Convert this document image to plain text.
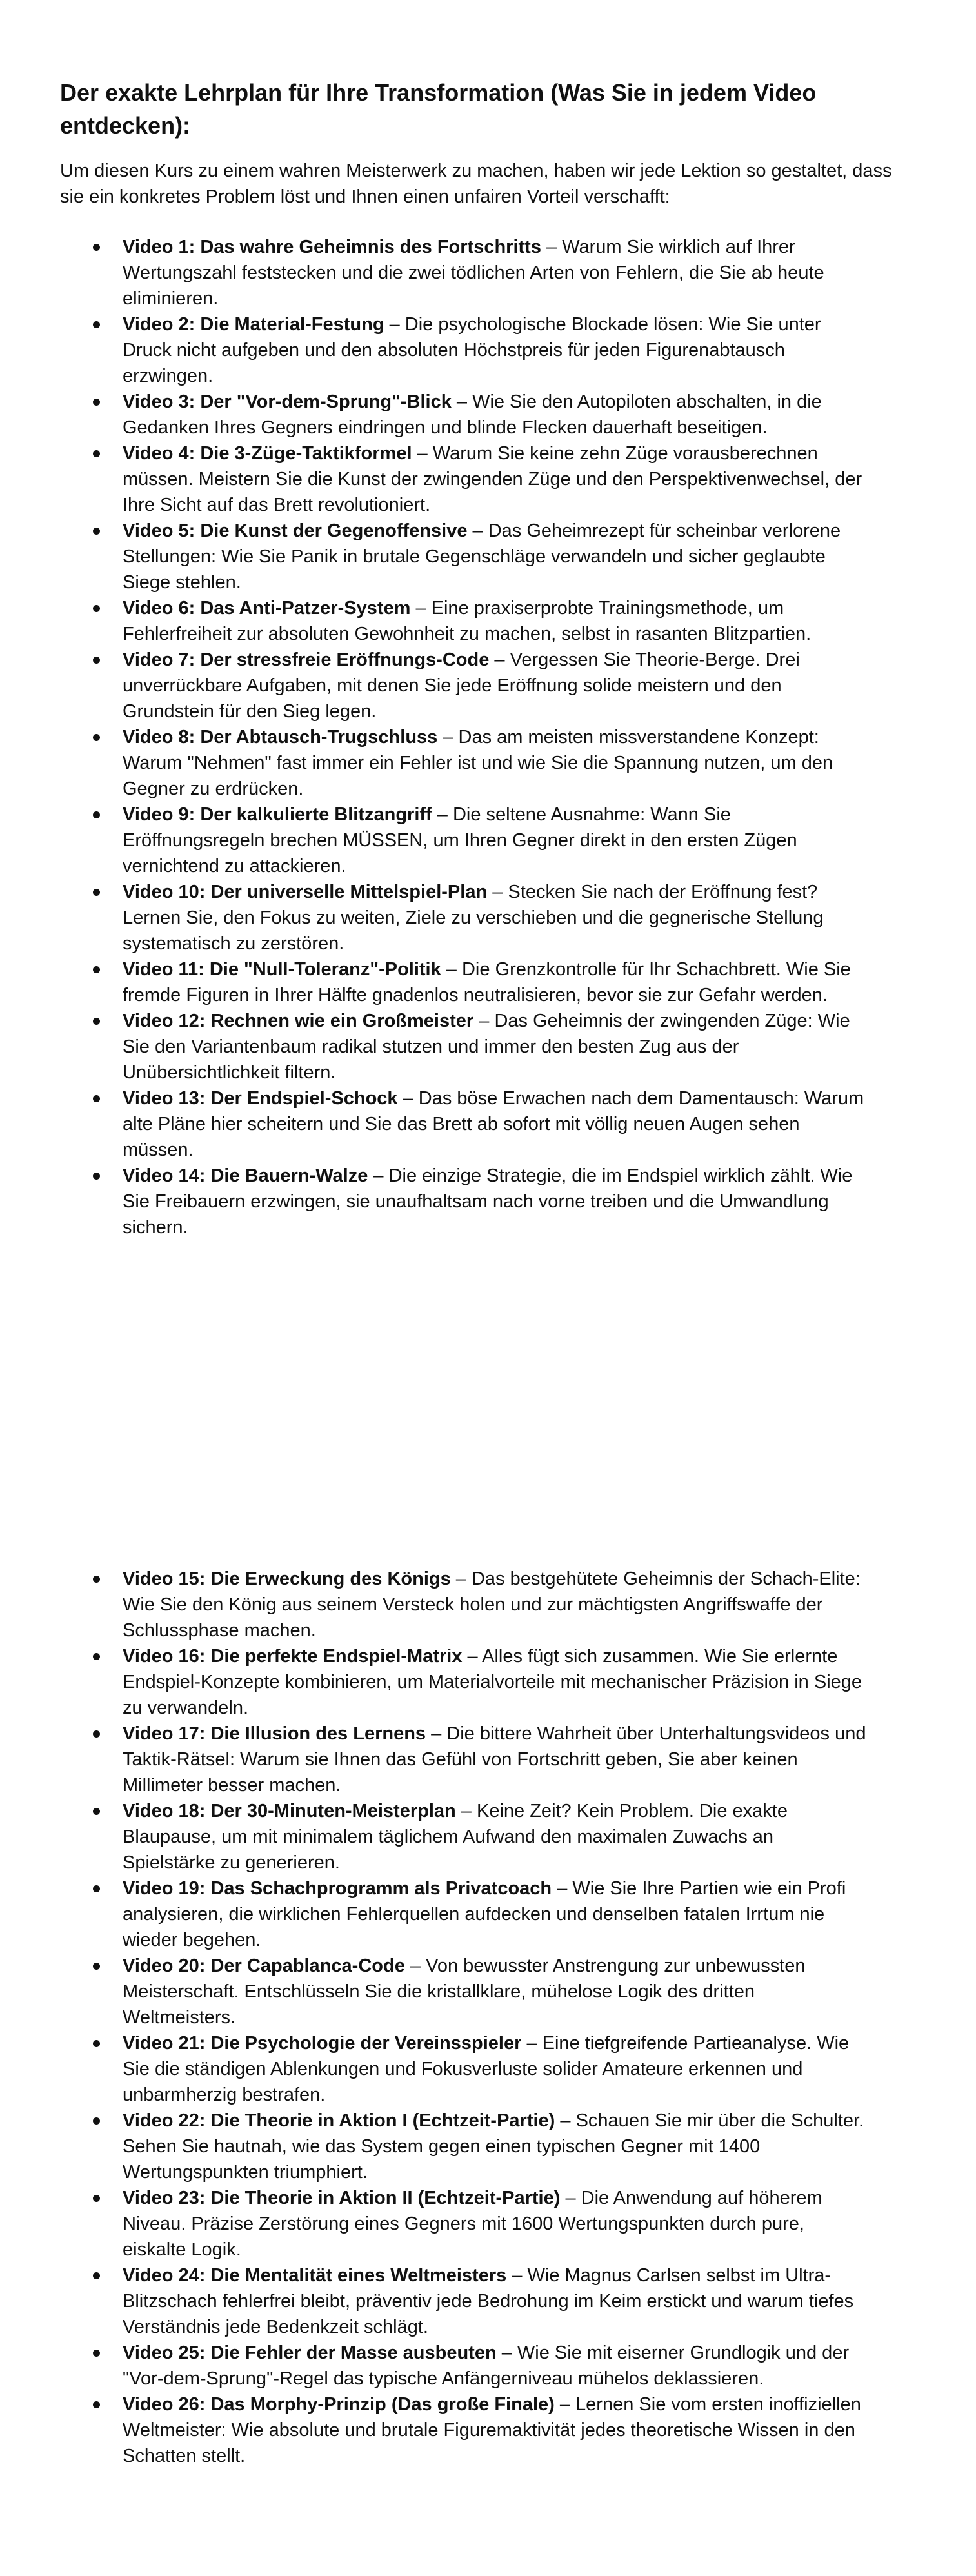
Der exakte Lehrplan für Ihre Transformation (Was Sie in jedem Video entdecken):

Um diesen Kurs zu einem wahren Meisterwerk zu machen, haben wir jede Lektion so gestaltet, dass sie ein konkretes Problem löst und Ihnen einen unfairen Vorteil verschafft:

Video 1: Das wahre Geheimnis des Fortschritts – Warum Sie wirklich auf Ihrer Wertungszahl feststecken und die zwei tödlichen Arten von Fehlern, die Sie ab heute eliminieren.
Video 2: Die Material-Festung – Die psychologische Blockade lösen: Wie Sie unter Druck nicht aufgeben und den absoluten Höchstpreis für jeden Figurenabtausch erzwingen.
Video 3: Der "Vor-dem-Sprung"-Blick – Wie Sie den Autopiloten abschalten, in die Gedanken Ihres Gegners eindringen und blinde Flecken dauerhaft beseitigen.
Video 4: Die 3-Züge-Taktikformel – Warum Sie keine zehn Züge vorausberechnen müssen. Meistern Sie die Kunst der zwingenden Züge und den Perspektivenwechsel, der Ihre Sicht auf das Brett revolutioniert.
Video 5: Die Kunst der Gegenoffensive – Das Geheimrezept für scheinbar verlorene Stellungen: Wie Sie Panik in brutale Gegenschläge verwandeln und sicher geglaubte Siege stehlen.
Video 6: Das Anti-Patzer-System – Eine praxiserprobte Trainingsmethode, um Fehlerfreiheit zur absoluten Gewohnheit zu machen, selbst in rasanten Blitzpartien.
Video 7: Der stressfreie Eröffnungs-Code – Vergessen Sie Theorie-Berge. Drei unverrückbare Aufgaben, mit denen Sie jede Eröffnung solide meistern und den Grundstein für den Sieg legen.
Video 8: Der Abtausch-Trugschluss – Das am meisten missverstandene Konzept: Warum "Nehmen" fast immer ein Fehler ist und wie Sie die Spannung nutzen, um den Gegner zu erdrücken.
Video 9: Der kalkulierte Blitzangriff – Die seltene Ausnahme: Wann Sie Eröffnungsregeln brechen MÜSSEN, um Ihren Gegner direkt in den ersten Zügen vernichtend zu attackieren.
Video 10: Der universelle Mittelspiel-Plan – Stecken Sie nach der Eröffnung fest? Lernen Sie, den Fokus zu weiten, Ziele zu verschieben und die gegnerische Stellung systematisch zu zerstören.
Video 11: Die "Null-Toleranz"-Politik – Die Grenzkontrolle für Ihr Schachbrett. Wie Sie fremde Figuren in Ihrer Hälfte gnadenlos neutralisieren, bevor sie zur Gefahr werden.
Video 12: Rechnen wie ein Großmeister – Das Geheimnis der zwingenden Züge: Wie Sie den Variantenbaum radikal stutzen und immer den besten Zug aus der Unübersichtlichkeit filtern.
Video 13: Der Endspiel-Schock – Das böse Erwachen nach dem Damentausch: Warum alte Pläne hier scheitern und Sie das Brett ab sofort mit völlig neuen Augen sehen müssen.
Video 14: Die Bauern-Walze – Die einzige Strategie, die im Endspiel wirklich zählt. Wie Sie Freibauern erzwingen, sie unaufhaltsam nach vorne treiben und die Umwandlung sichern.
Video 15: Die Erweckung des Königs – Das bestgehütete Geheimnis der Schach-Elite: Wie Sie den König aus seinem Versteck holen und zur mächtigsten Angriffswaffe der Schlussphase machen.
Video 16: Die perfekte Endspiel-Matrix – Alles fügt sich zusammen. Wie Sie erlernte Endspiel-Konzepte kombinieren, um Materialvorteile mit mechanischer Präzision in Siege zu verwandeln.
Video 17: Die Illusion des Lernens – Die bittere Wahrheit über Unterhaltungsvideos und Taktik-Rätsel: Warum sie Ihnen das Gefühl von Fortschritt geben, Sie aber keinen Millimeter besser machen.
Video 18: Der 30-Minuten-Meisterplan – Keine Zeit? Kein Problem. Die exakte Blaupause, um mit minimalem täglichem Aufwand den maximalen Zuwachs an Spielstärke zu generieren.
Video 19: Das Schachprogramm als Privatcoach – Wie Sie Ihre Partien wie ein Profi analysieren, die wirklichen Fehlerquellen aufdecken und denselben fatalen Irrtum nie wieder begehen.
Video 20: Der Capablanca-Code – Von bewusster Anstrengung zur unbewussten Meisterschaft. Entschlüsseln Sie die kristallklare, mühelose Logik des dritten Weltmeisters.
Video 21: Die Psychologie der Vereinsspieler – Eine tiefgreifende Partieanalyse. Wie Sie die ständigen Ablenkungen und Fokusverluste solider Amateure erkennen und unbarmherzig bestrafen.
Video 22: Die Theorie in Aktion I (Echtzeit-Partie) – Schauen Sie mir über die Schulter. Sehen Sie hautnah, wie das System gegen einen typischen Gegner mit 1400 Wertungspunkten triumphiert.
Video 23: Die Theorie in Aktion II (Echtzeit-Partie) – Die Anwendung auf höherem Niveau. Präzise Zerstörung eines Gegners mit 1600 Wertungspunkten durch pure, eiskalte Logik.
Video 24: Die Mentalität eines Weltmeisters – Wie Magnus Carlsen selbst im Ultra-Blitzschach fehlerfrei bleibt, präventiv jede Bedrohung im Keim erstickt und warum tiefes Verständnis jede Bedenkzeit schlägt.
Video 25: Die Fehler der Masse ausbeuten – Wie Sie mit eiserner Grundlogik und der "Vor-dem-Sprung"-Regel das typische Anfängerniveau mühelos deklassieren.
Video 26: Das Morphy-Prinzip (Das große Finale) – Lernen Sie vom ersten inoffiziellen Weltmeister: Wie absolute und brutale Figuremaktivität jedes theoretische Wissen in den Schatten stellt.
